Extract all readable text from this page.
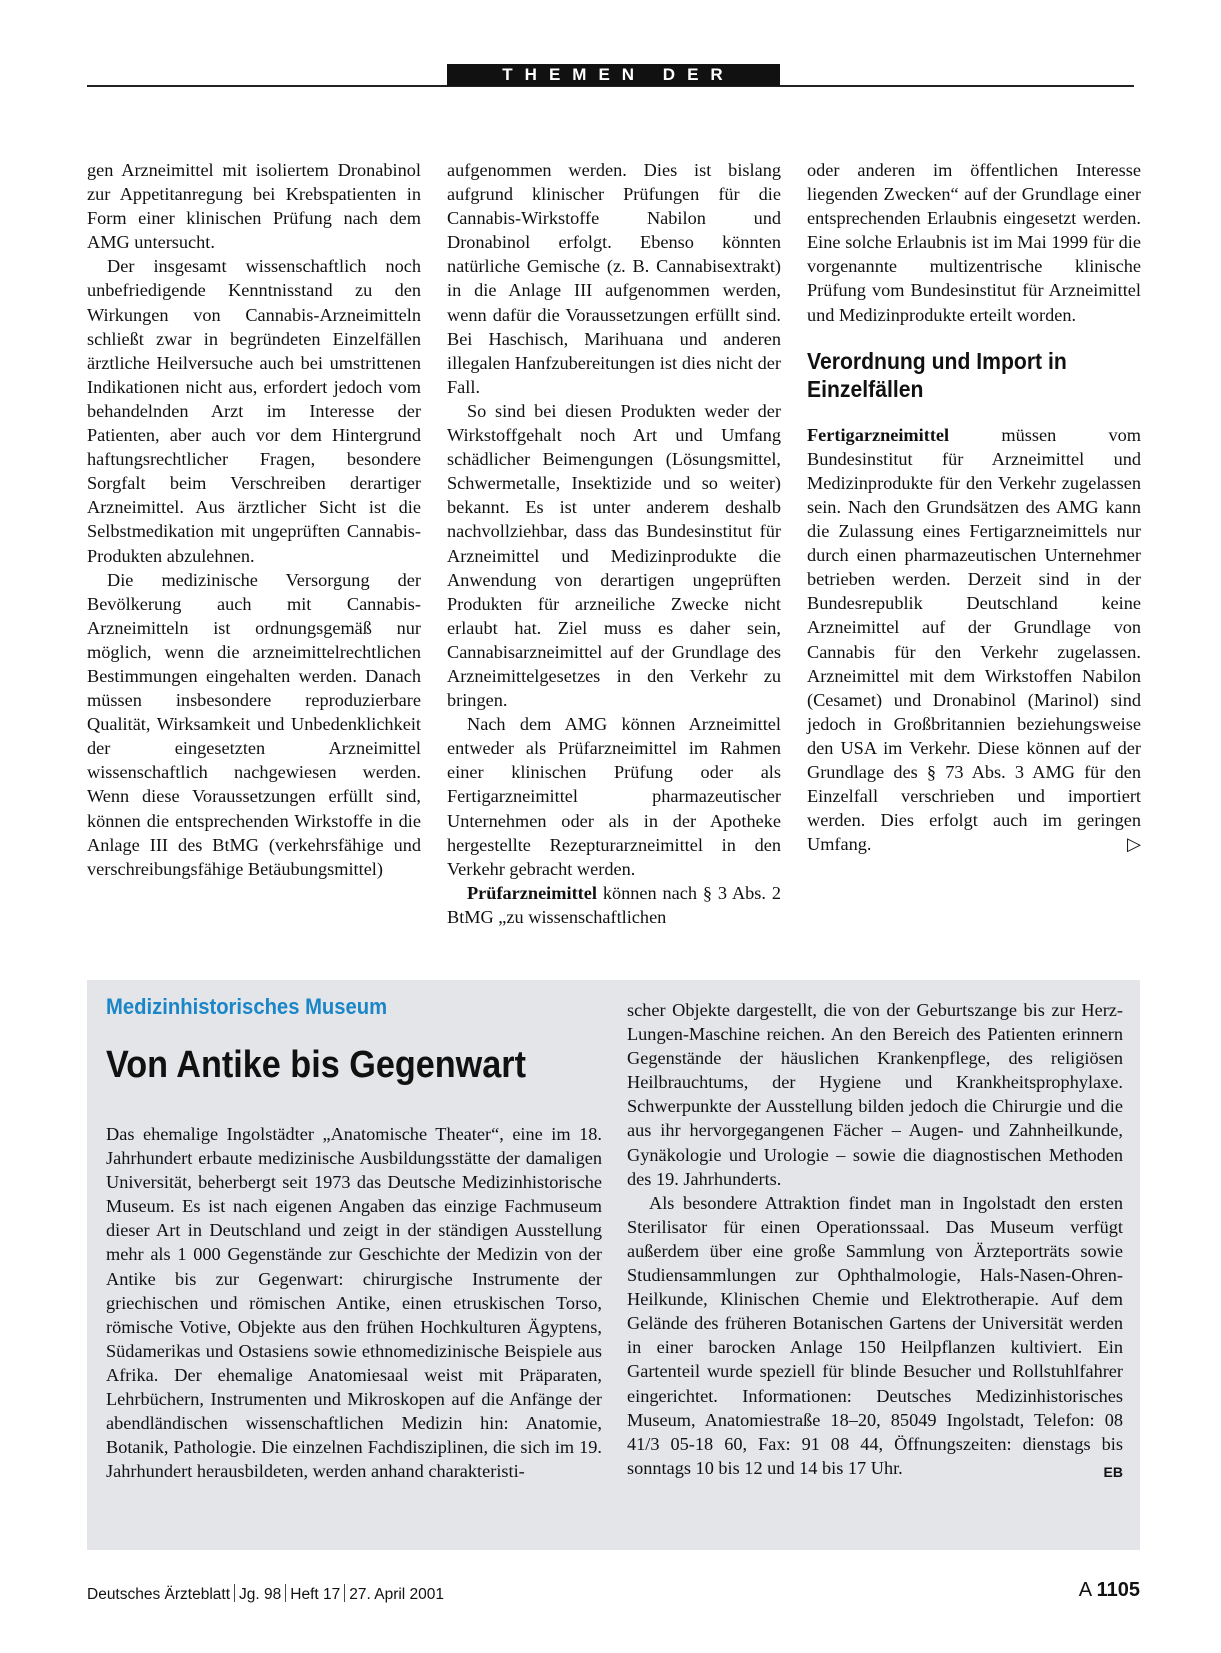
THEMEN DER ZEIT

gen Arzneimittel mit isoliertem Dronabinol zur Appetitanregung bei Krebspatienten in Form einer klinischen Prüfung nach dem AMG untersucht.

Der insgesamt wissenschaftlich noch unbefriedigende Kenntnisstand zu den Wirkungen von Cannabis-Arzneimitteln schließt zwar in begründeten Einzelfällen ärztliche Heilversuche auch bei umstrittenen Indikationen nicht aus, erfordert jedoch vom behandelnden Arzt im Interesse der Patienten, aber auch vor dem Hintergrund haftungsrechtlicher Fragen, besondere Sorgfalt beim Verschreiben derartiger Arzneimittel. Aus ärztlicher Sicht ist die Selbstmedikation mit ungeprüften Cannabis-Produkten abzulehnen.

Die medizinische Versorgung der Bevölkerung auch mit Cannabis-Arzneimitteln ist ordnungsgemäß nur möglich, wenn die arzneimittelrechtlichen Bestimmungen eingehalten werden. Danach müssen insbesondere reproduzierbare Qualität, Wirksamkeit und Unbedenklichkeit der eingesetzten Arzneimittel wissenschaftlich nachgewiesen werden. Wenn diese Voraussetzungen erfüllt sind, können die entsprechenden Wirkstoffe in die Anlage III des BtMG (verkehrsfähige und verschreibungsfähige Betäubungsmittel)

aufgenommen werden. Dies ist bislang aufgrund klinischer Prüfungen für die Cannabis-Wirkstoffe Nabilon und Dronabinol erfolgt. Ebenso könnten natürliche Gemische (z. B. Cannabisextrakt) in die Anlage III aufgenommen werden, wenn dafür die Voraussetzungen erfüllt sind. Bei Haschisch, Marihuana und anderen illegalen Hanfzubereitungen ist dies nicht der Fall.

So sind bei diesen Produkten weder der Wirkstoffgehalt noch Art und Umfang schädlicher Beimengungen (Lösungsmittel, Schwermetalle, Insektizide und so weiter) bekannt. Es ist unter anderem deshalb nachvollziehbar, dass das Bundesinstitut für Arzneimittel und Medizinprodukte die Anwendung von derartigen ungeprüften Produkten für arzneiliche Zwecke nicht erlaubt hat. Ziel muss es daher sein, Cannabisarzneimittel auf der Grundlage des Arzneimittelgesetzes in den Verkehr zu bringen.

Nach dem AMG können Arzneimittel entweder als Prüfarzneimittel im Rahmen einer klinischen Prüfung oder als Fertigarzneimittel pharmazeutischer Unternehmen oder als in der Apotheke hergestellte Rezepturarzneimittel in den Verkehr gebracht werden.

Prüfarzneimittel können nach § 3 Abs. 2 BtMG „zu wissenschaftlichen

oder anderen im öffentlichen Interesse liegenden Zwecken“ auf der Grundlage einer entsprechenden Erlaubnis eingesetzt werden. Eine solche Erlaubnis ist im Mai 1999 für die vorgenannte multizentrische klinische Prüfung vom Bundesinstitut für Arzneimittel und Medizinprodukte erteilt worden.

Verordnung und Import in Einzelfällen

Fertigarzneimittel müssen vom Bundesinstitut für Arzneimittel und Medizinprodukte für den Verkehr zugelassen sein. Nach den Grundsätzen des AMG kann die Zulassung eines Fertigarzneimittels nur durch einen pharmazeutischen Unternehmer betrieben werden. Derzeit sind in der Bundesrepublik Deutschland keine Arzneimittel auf der Grundlage von Cannabis für den Verkehr zugelassen. Arzneimittel mit dem Wirkstoffen Nabilon (Cesamet) und Dronabinol (Marinol) sind jedoch in Großbritannien beziehungsweise den USA im Verkehr. Diese können auf der Grundlage des § 73 Abs. 3 AMG für den Einzelfall verschrieben und importiert werden. Dies erfolgt auch im geringen Umfang.	▷

Medizinhistorisches Museum
Von Antike bis Gegenwart

Das ehemalige Ingolstädter „Anatomische Theater“, eine im 18. Jahrhundert erbaute medizinische Ausbildungsstätte der damaligen Universität, beherbergt seit 1973 das Deutsche Medizinhistorische Museum. Es ist nach eigenen Angaben das einzige Fachmuseum dieser Art in Deutschland und zeigt in der ständigen Ausstellung mehr als 1 000 Gegenstände zur Geschichte der Medizin von der Antike bis zur Gegenwart: chirurgische Instrumente der griechischen und römischen Antike, einen etruskischen Torso, römische Votive, Objekte aus den frühen Hochkulturen Ägyptens, Südamerikas und Ostasiens sowie ethnomedizinische Beispiele aus Afrika. Der ehemalige Anatomiesaal weist mit Präparaten, Lehrbüchern, Instrumenten und Mikroskopen auf die Anfänge der abendländischen wissenschaftlichen Medizin hin: Anatomie, Botanik, Pathologie. Die einzelnen Fachdisziplinen, die sich im 19. Jahrhundert herausbildeten, werden anhand charakteristi-

scher Objekte dargestellt, die von der Geburtszange bis zur Herz-Lungen-Maschine reichen. An den Bereich des Patienten erinnern Gegenstände der häuslichen Krankenpflege, des religiösen Heilbrauchtums, der Hygiene und Krankheitsprophylaxe. Schwerpunkte der Ausstellung bilden jedoch die Chirurgie und die aus ihr hervorgegangenen Fächer – Augen- und Zahnheilkunde, Gynäkologie und Urologie – sowie die diagnostischen Methoden des 19. Jahrhunderts.

Als besondere Attraktion findet man in Ingolstadt den ersten Sterilisator für einen Operationssaal. Das Museum verfügt außerdem über eine große Sammlung von Ärzteporträts sowie Studiensammlungen zur Ophthalmologie, Hals-Nasen-Ohren-Heilkunde, Klinischen Chemie und Elektrotherapie. Auf dem Gelände des früheren Botanischen Gartens der Universität werden in einer barocken Anlage 150 Heilpflanzen kultiviert. Ein Gartenteil wurde speziell für blinde Besucher und Rollstuhlfahrer eingerichtet. Informationen: Deutsches Medizinhistorisches Museum, Anatomiestraße 18–20, 85049 Ingolstadt, Telefon: 08 41/3 05-18 60, Fax: 91 08 44, Öffnungszeiten: dienstags bis sonntags 10 bis 12 und 14 bis 17 Uhr.	EB

Deutsches Ärzteblatt Jg. 98 Heft 17 27. April 2001	A 1105
